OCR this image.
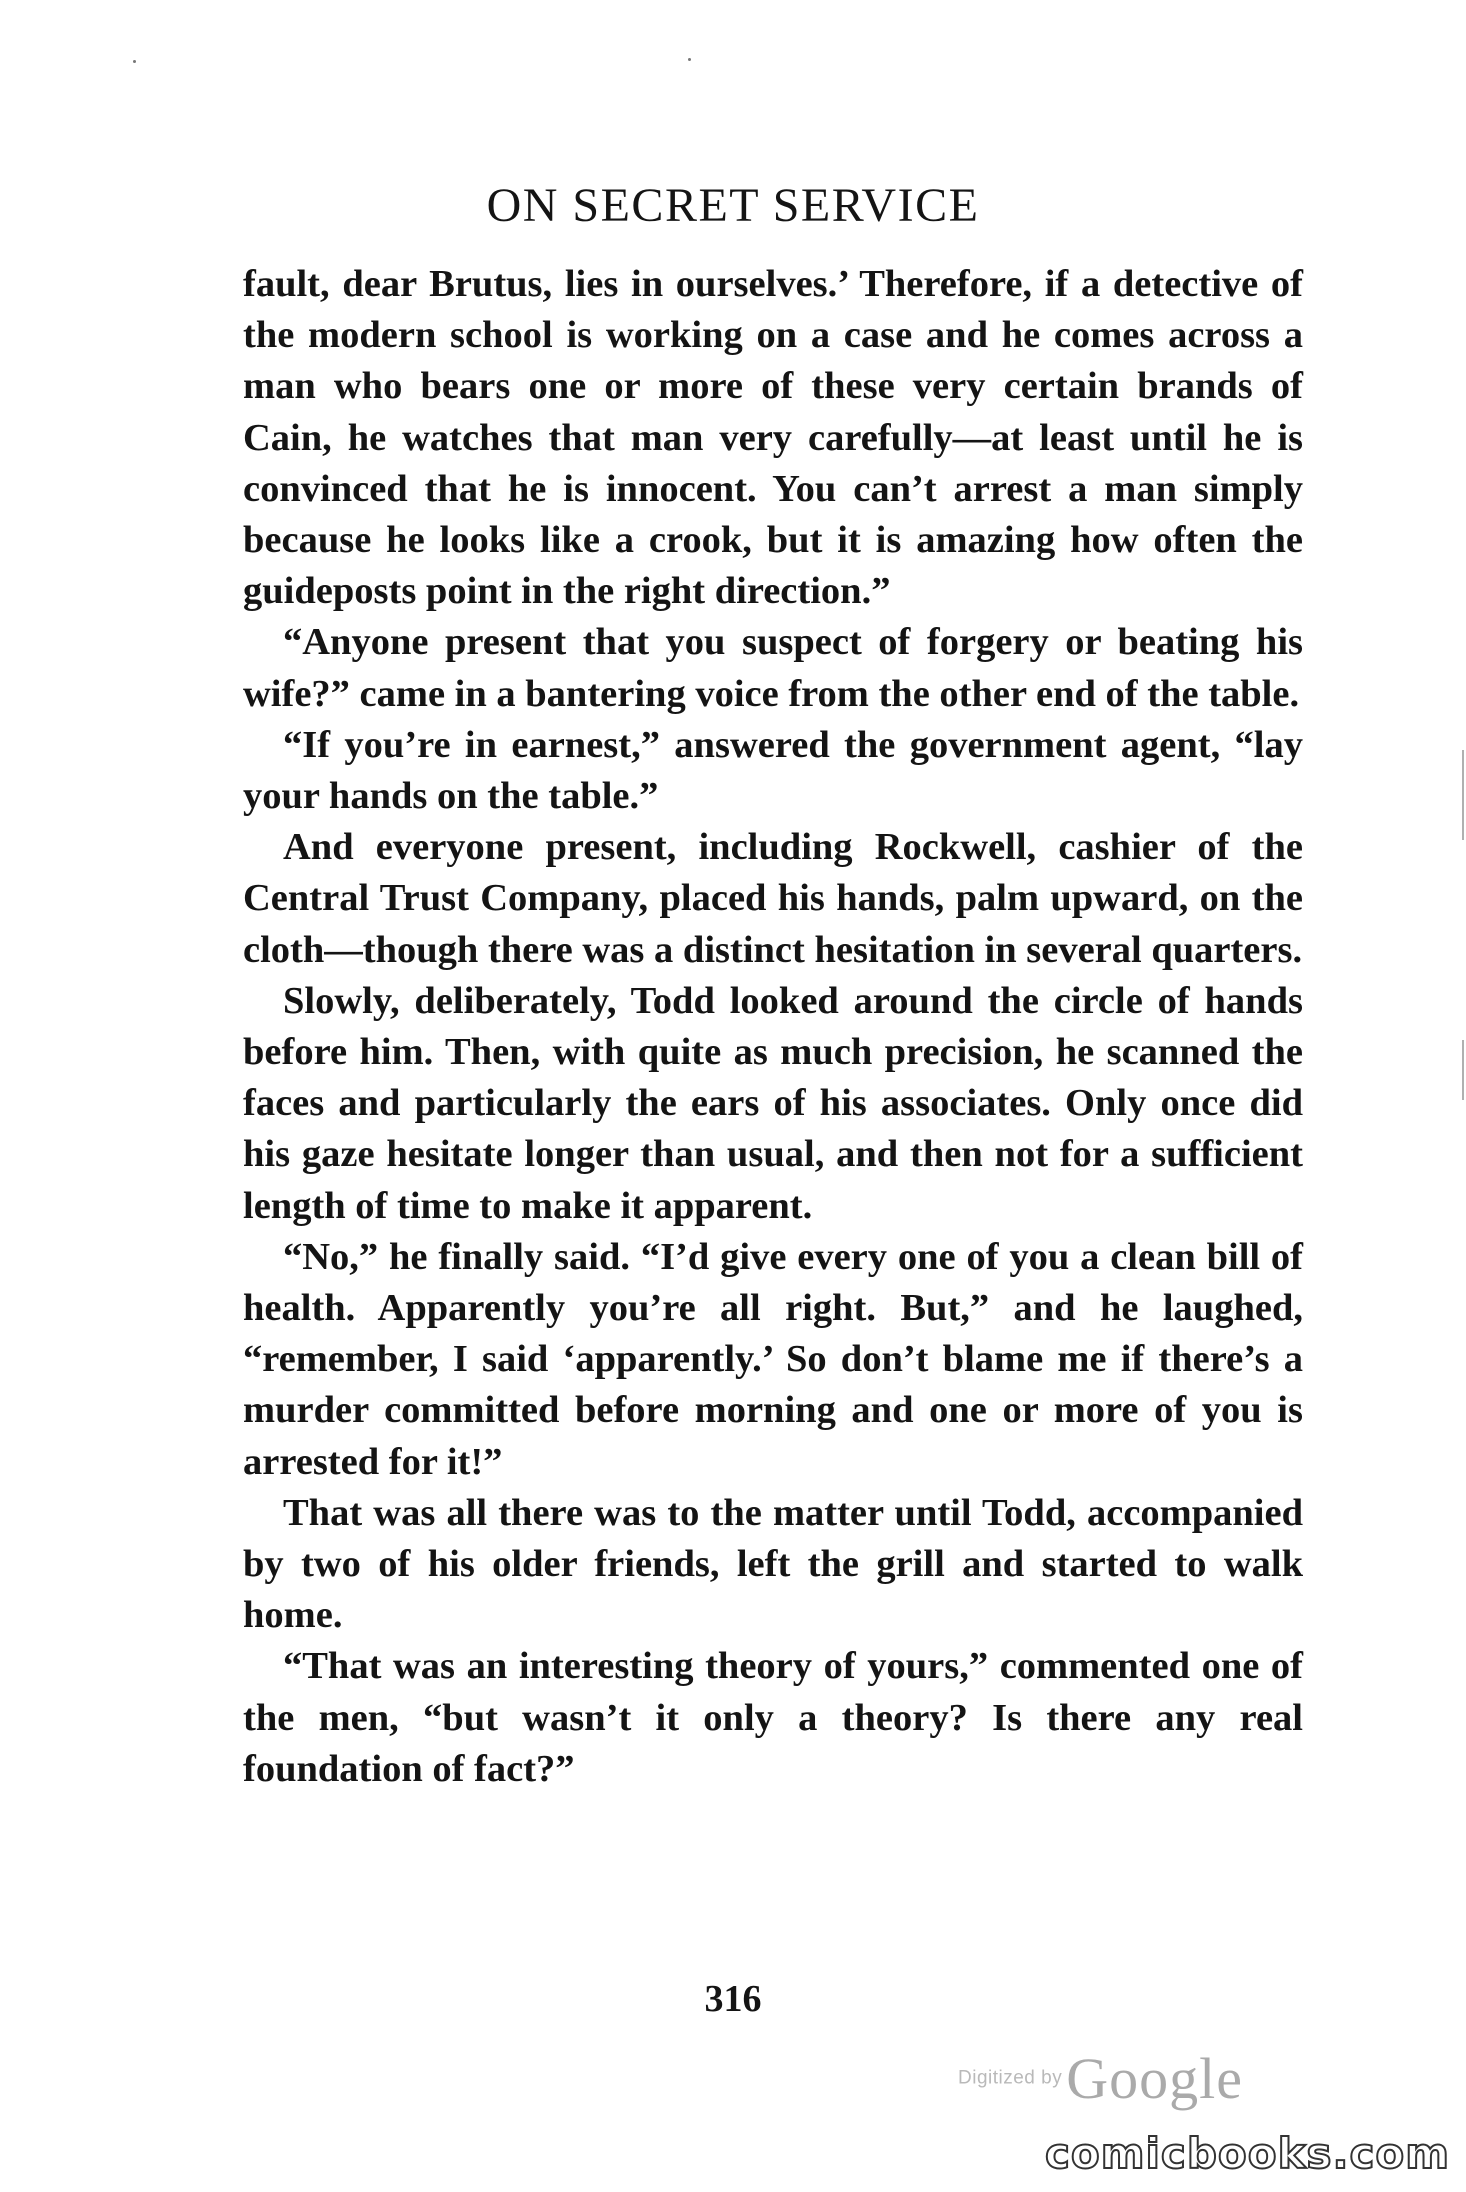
ON SECRET SERVICE

fault, dear Brutus, lies in ourselves.’ Therefore, if a detective of the modern school is working on a case and he comes across a man who bears one or more of these very certain brands of Cain, he watches that man very carefully—at least until he is convinced that he is innocent. You can’t arrest a man simply because he looks like a crook, but it is amazing how often the guideposts point in the right direction.”

“Anyone present that you suspect of forgery or beating his wife?” came in a bantering voice from the other end of the table.

“If you’re in earnest,” answered the government agent, “lay your hands on the table.”

And everyone present, including Rockwell, cashier of the Central Trust Company, placed his hands, palm upward, on the cloth—though there was a distinct hesitation in several quarters.

Slowly, deliberately, Todd looked around the circle of hands before him. Then, with quite as much precision, he scanned the faces and particularly the ears of his associates. Only once did his gaze hesitate longer than usual, and then not for a sufficient length of time to make it apparent.

“No,” he finally said. “I’d give every one of you a clean bill of health. Apparently you’re all right. But,” and he laughed, “remember, I said ‘apparently.’ So don’t blame me if there’s a murder committed before morning and one or more of you is arrested for it!”

That was all there was to the matter until Todd, accompanied by two of his older friends, left the grill and started to walk home.

“That was an interesting theory of yours,” commented one of the men, “but wasn’t it only a theory? Is there any real foundation of fact?”

316
Digitized by Google
comicbooks.com
